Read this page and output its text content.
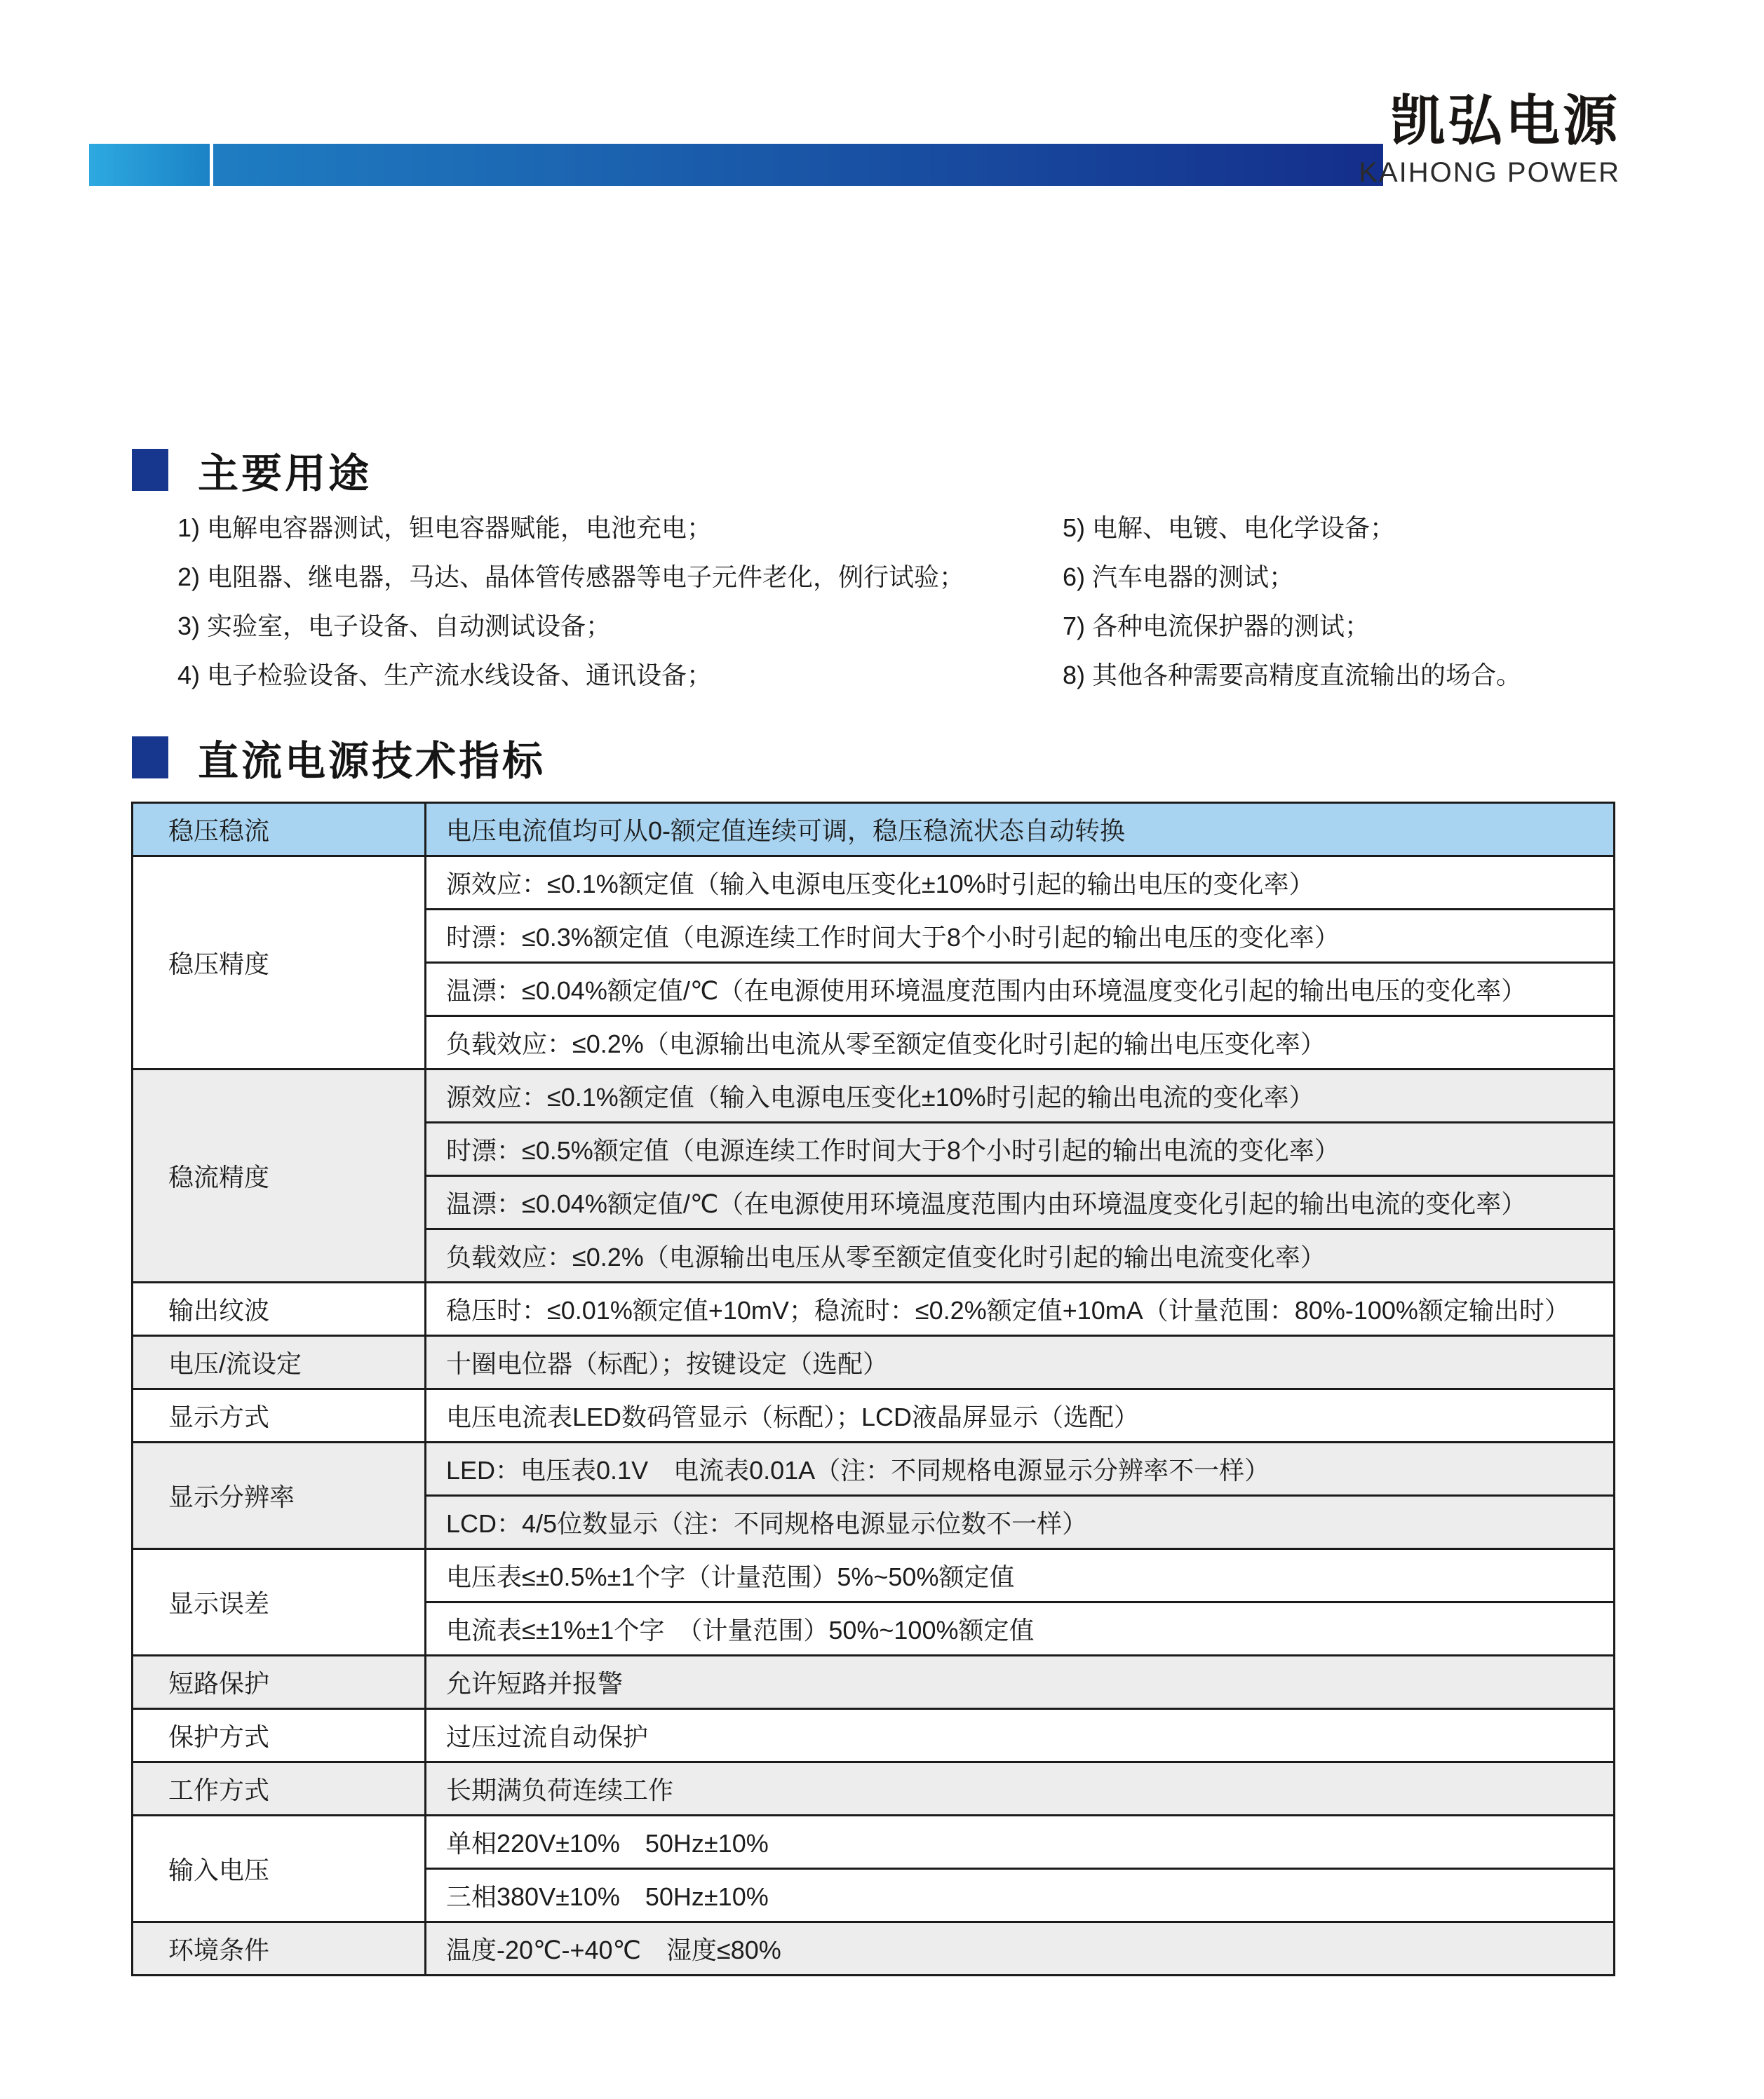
凯弘电源
KAIHONG POWER
主要用途
1) 电解电容器测试，钽电容器赋能，电池充电；
2) 电阻器、继电器，马达、晶体管传感器等电子元件老化，例行试验；
3) 实验室，电子设备、自动测试设备；
4) 电子检验设备、生产流水线设备、通讯设备；
5) 电解、电镀、电化学设备；
6) 汽车电器的测试；
7) 各种电流保护器的测试；
8) 其他各种需要高精度直流输出的场合。
直流电源技术指标
稳压稳流	电压电流值均可从0-额定值连续可调，稳压稳流状态自动转换
稳压精度	源效应：≤0.1%额定值（输入电源电压变化±10%时引起的输出电压的变化率）
	时漂：≤0.3%额定值（电源连续工作时间大于8个小时引起的输出电压的变化率）
	温漂：≤0.04%额定值/℃（在电源使用环境温度范围内由环境温度变化引起的输出电压的变化率）
	负载效应：≤0.2%（电源输出电流从零至额定值变化时引起的输出电压变化率）
稳流精度	源效应：≤0.1%额定值（输入电源电压变化±10%时引起的输出电流的变化率）
	时漂：≤0.5%额定值（电源连续工作时间大于8个小时引起的输出电流的变化率）
	温漂：≤0.04%额定值/℃（在电源使用环境温度范围内由环境温度变化引起的输出电流的变化率）
	负载效应：≤0.2%（电源输出电压从零至额定值变化时引起的输出电流变化率）
输出纹波	稳压时：≤0.01%额定值+10mV；稳流时：≤0.2%额定值+10mA（计量范围：80%-100%额定输出时）
电压/流设定	十圈电位器（标配）；按键设定（选配）
显示方式	电压电流表LED数码管显示（标配）；LCD液晶屏显示（选配）
显示分辨率	LED：电压表0.1V　电流表0.01A（注：不同规格电源显示分辨率不一样）
	LCD：4/5位数显示（注：不同规格电源显示位数不一样）
显示误差	电压表≤±0.5%±1个字（计量范围）5%~50%额定值
	电流表≤±1%±1个字　（计量范围）50%~100%额定值
短路保护	允许短路并报警
保护方式	过压过流自动保护
工作方式	长期满负荷连续工作
输入电压	单相220V±10%　50Hz±10%
	三相380V±10%　50Hz±10%
环境条件	温度-20℃-+40℃　湿度≤80%
